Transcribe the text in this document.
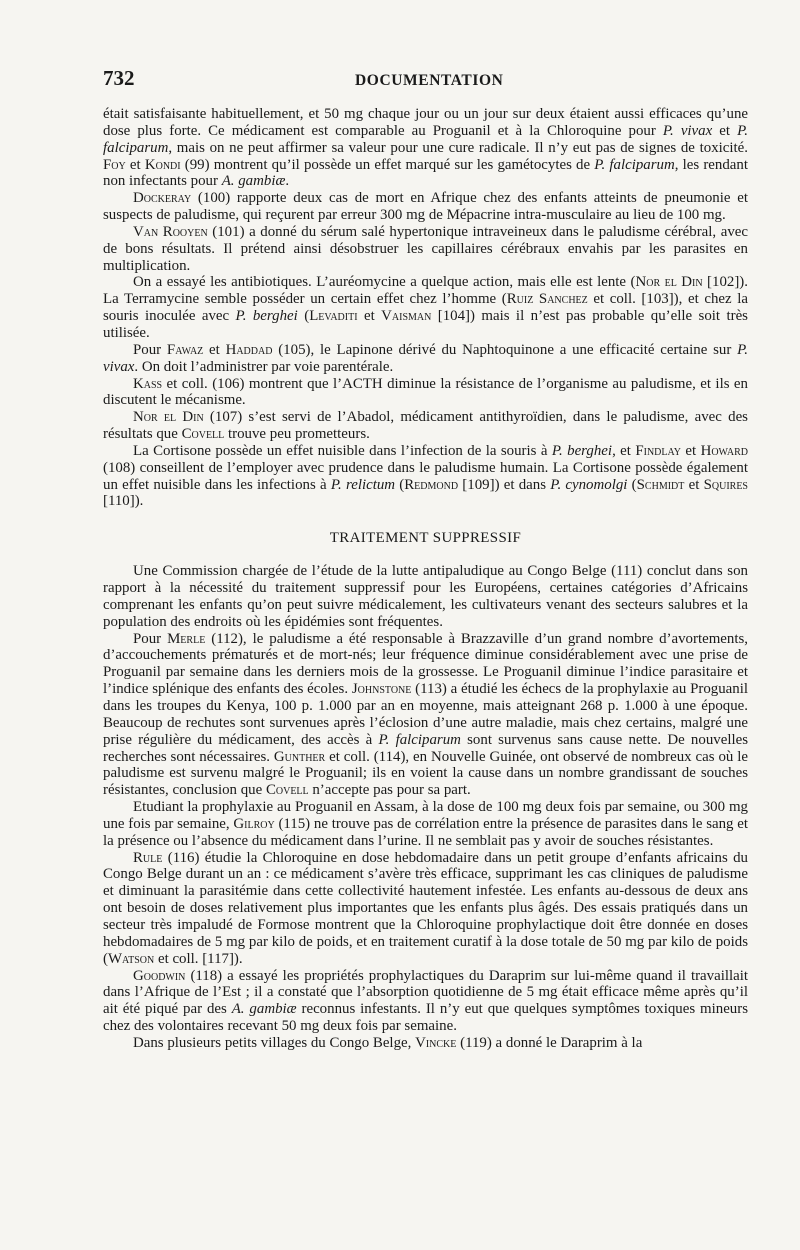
732	DOCUMENTATION

était satisfaisante habituellement, et 50 mg chaque jour ou un jour sur deux étaient aussi efficaces qu’une dose plus forte. Ce médicament est comparable au Proguanil et à la Chloroquine pour P. vivax et P. falciparum, mais on ne peut affirmer sa valeur pour une cure radicale. Il n’y eut pas de signes de toxicité. Foy et Kondi (99) montrent qu’il possède un effet marqué sur les gamétocytes de P. falciparum, les rendant non infectants pour A. gambiæ.

Dockeray (100) rapporte deux cas de mort en Afrique chez des enfants atteints de pneumonie et suspects de paludisme, qui reçurent par erreur 300 mg de Mépacrine intra-musculaire au lieu de 100 mg.

Van Rooyen (101) a donné du sérum salé hypertonique intraveineux dans le paludisme cérébral, avec de bons résultats. Il prétend ainsi désobstruer les capillaires cérébraux envahis par les parasites en multiplication.

On a essayé les antibiotiques. L’auréomycine a quelque action, mais elle est lente (Nor el Din [102]). La Terramycine semble posséder un certain effet chez l’homme (Ruiz Sanchez et coll. [103]), et chez la souris inoculée avec P. berghei (Levaditi et Vaisman [104]) mais il n’est pas probable qu’elle soit très utilisée.

Pour Fawaz et Haddad (105), le Lapinone dérivé du Naphtoquinone a une efficacité certaine sur P. vivax. On doit l’administrer par voie parentérale.

Kass et coll. (106) montrent que l’ACTH diminue la résistance de l’organisme au paludisme, et ils en discutent le mécanisme.

Nor el Din (107) s’est servi de l’Abadol, médicament antithyroïdien, dans le paludisme, avec des résultats que Covell trouve peu prometteurs.

La Cortisone possède un effet nuisible dans l’infection de la souris à P. berghei, et Findlay et Howard (108) conseillent de l’employer avec prudence dans le paludisme humain. La Cortisone possède également un effet nuisible dans les infections à P. relictum (Redmond [109]) et dans P. cynomolgi (Schmidt et Squires [110]).

TRAITEMENT SUPPRESSIF

Une Commission chargée de l’étude de la lutte antipaludique au Congo Belge (111) conclut dans son rapport à la nécessité du traitement suppressif pour les Européens, certaines catégories d’Africains comprenant les enfants qu’on peut suivre médicalement, les cultivateurs venant des secteurs salubres et la population des endroits où les épidémies sont fréquentes.

Pour Merle (112), le paludisme a été responsable à Brazzaville d’un grand nombre d’avortements, d’accouchements prématurés et de mort-nés; leur fréquence diminue considérablement avec une prise de Proguanil par semaine dans les derniers mois de la grossesse. Le Proguanil diminue l’indice parasitaire et l’indice splénique des enfants des écoles. Johnstone (113) a étudié les échecs de la prophylaxie au Proguanil dans les troupes du Kenya, 100 p. 1.000 par an en moyenne, mais atteignant 268 p. 1.000 à une époque. Beaucoup de rechutes sont survenues après l’éclosion d’une autre maladie, mais chez certains, malgré une prise régulière du médicament, des accès à P. falciparum sont survenus sans cause nette. De nouvelles recherches sont nécessaires. Gunther et coll. (114), en Nouvelle Guinée, ont observé de nombreux cas où le paludisme est survenu malgré le Proguanil; ils en voient la cause dans un nombre grandissant de souches résistantes, conclusion que Covell n’accepte pas pour sa part.

Etudiant la prophylaxie au Proguanil en Assam, à la dose de 100 mg deux fois par semaine, ou 300 mg une fois par semaine, Gilroy (115) ne trouve pas de corrélation entre la présence de parasites dans le sang et la présence ou l’absence du médicament dans l’urine. Il ne semblait pas y avoir de souches résistantes.

Rule (116) étudie la Chloroquine en dose hebdomadaire dans un petit groupe d’enfants africains du Congo Belge durant un an : ce médicament s’avère très efficace, supprimant les cas cliniques de paludisme et diminuant la parasitémie dans cette collectivité hautement infestée. Les enfants au-dessous de deux ans ont besoin de doses relativement plus importantes que les enfants plus âgés. Des essais pratiqués dans un secteur très impaludé de Formose montrent que la Chloroquine prophylactique doit être donnée en doses hebdomadaires de 5 mg par kilo de poids, et en traitement curatif à la dose totale de 50 mg par kilo de poids (Watson et coll. [117]).

Goodwin (118) a essayé les propriétés prophylactiques du Daraprim sur lui-même quand il travaillait dans l’Afrique de l’Est ; il a constaté que l’absorption quotidienne de 5 mg était efficace même après qu’il ait été piqué par des A. gambiæ reconnus infestants. Il n’y eut que quelques symptômes toxiques mineurs chez des volontaires recevant 50 mg deux fois par semaine.

Dans plusieurs petits villages du Congo Belge, Vincke (119) a donné le Daraprim à la
